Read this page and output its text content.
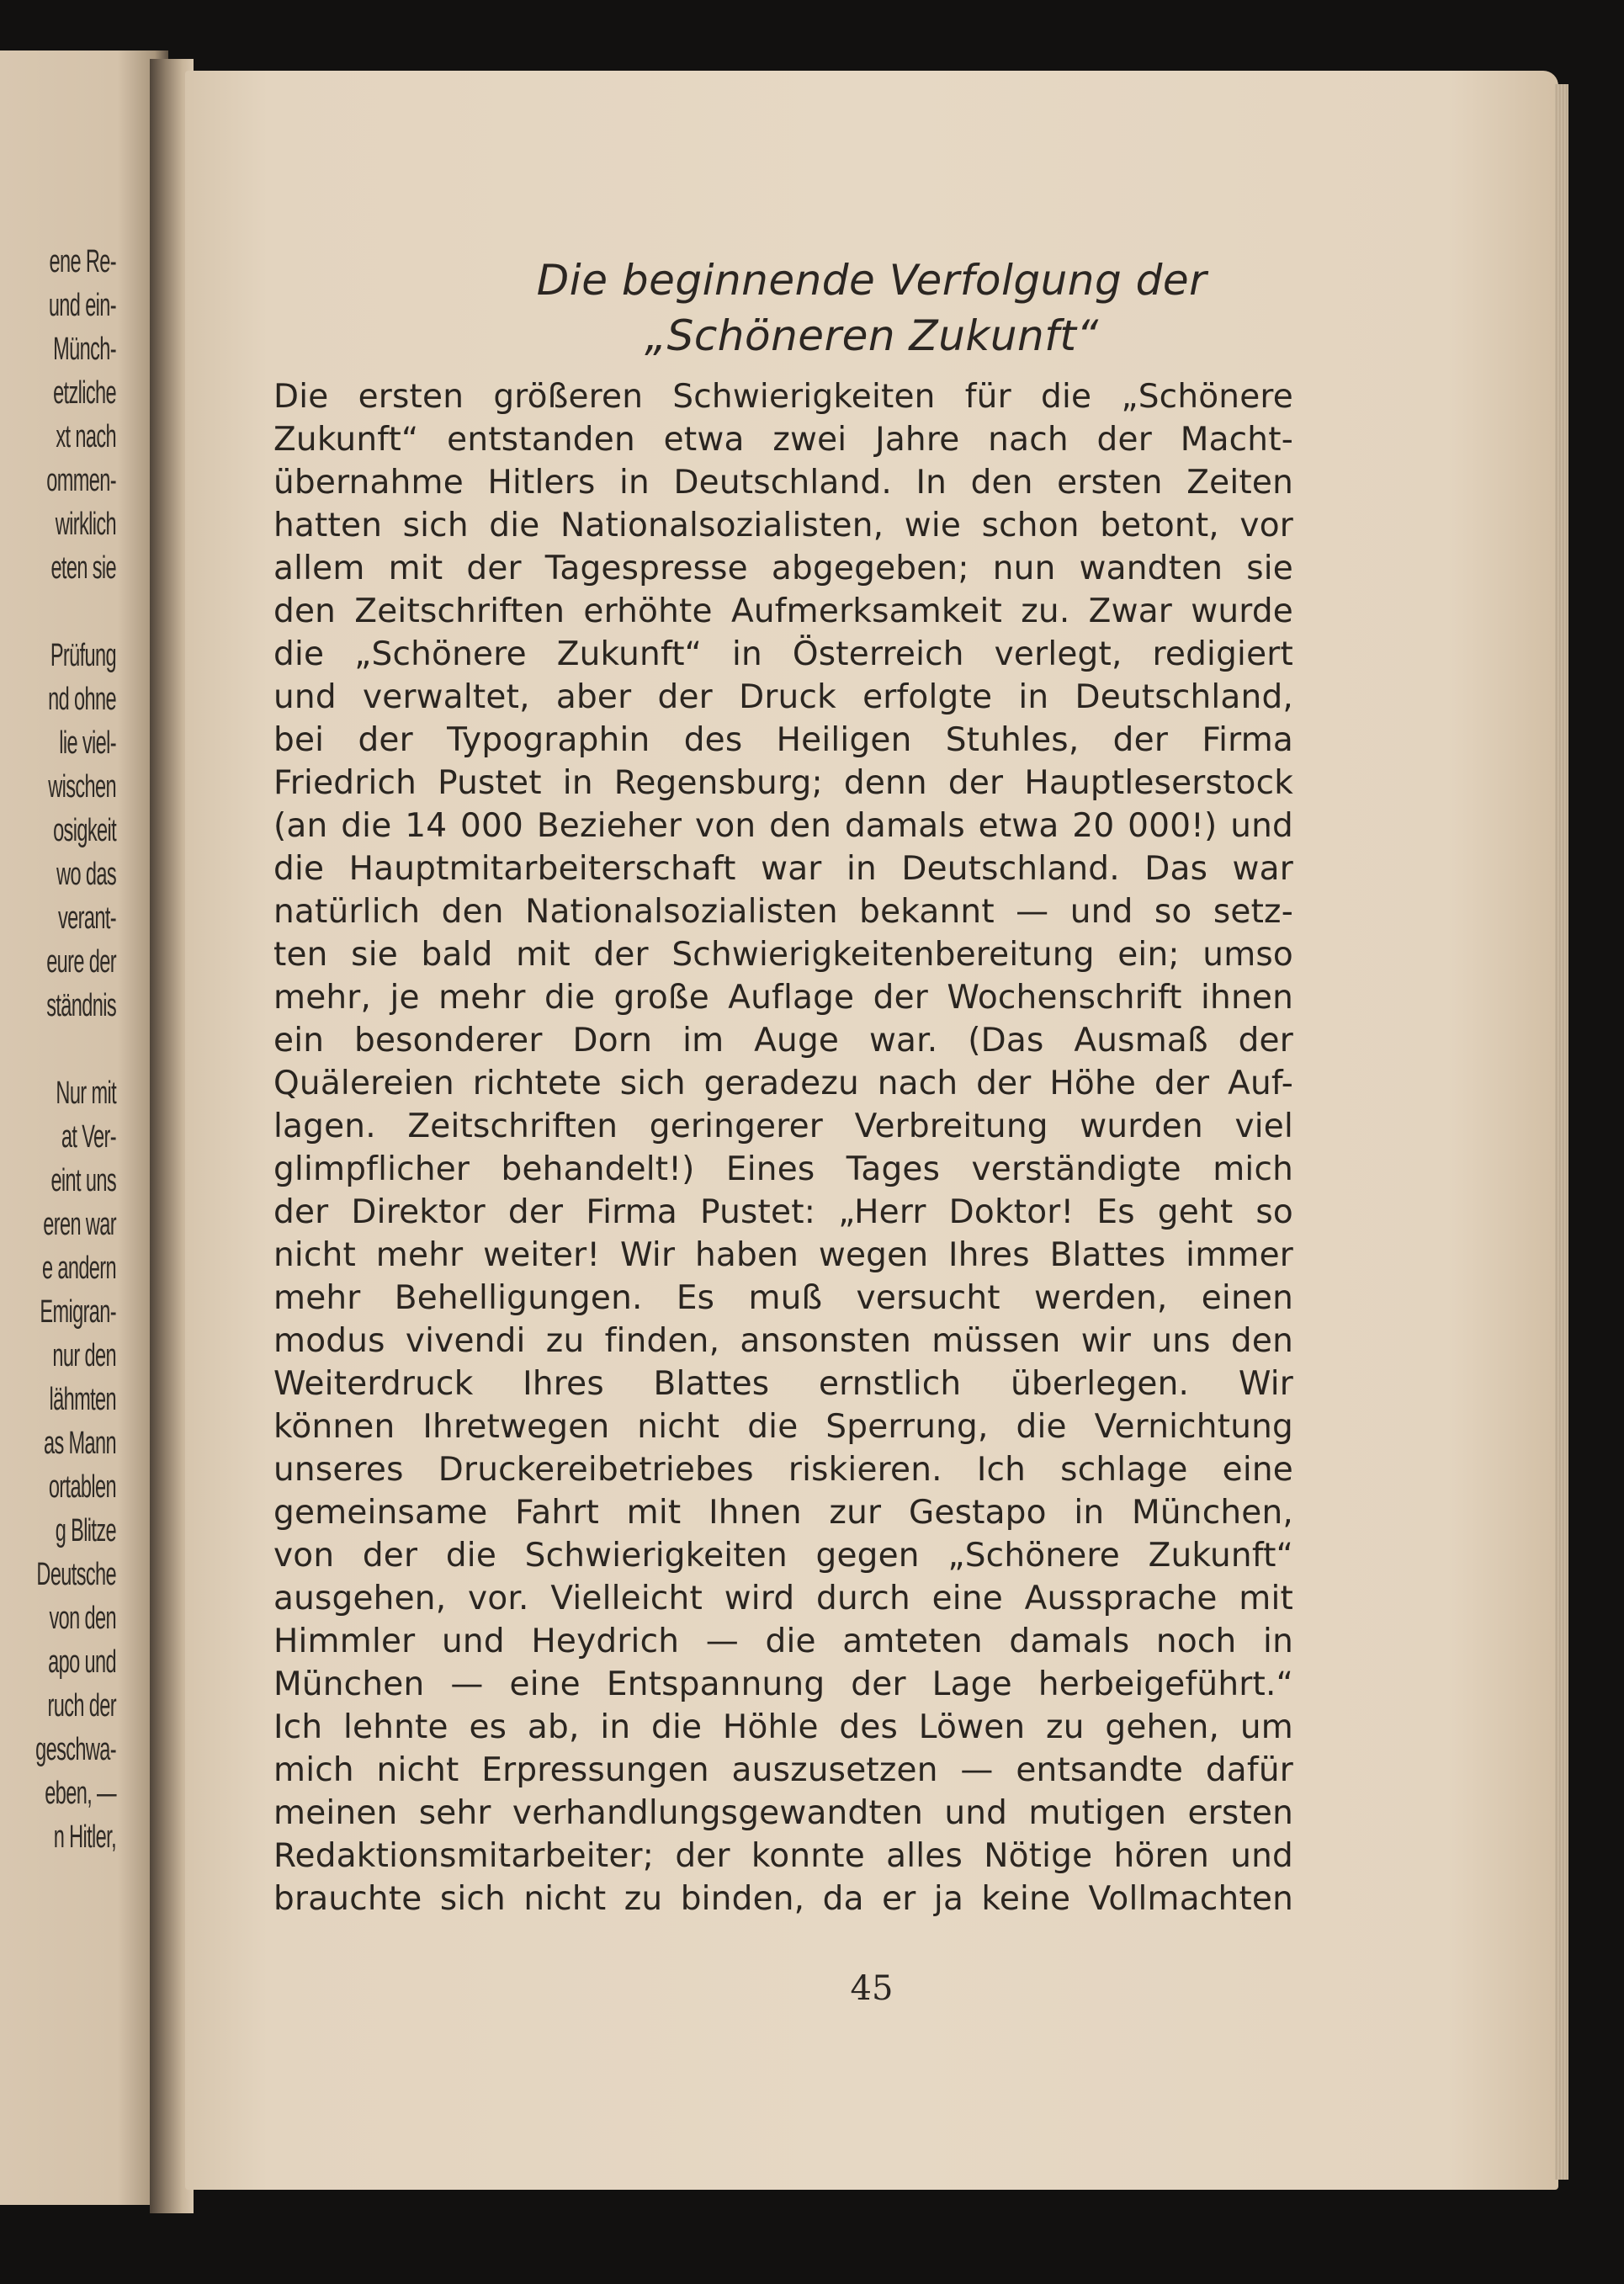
ene Re-
und ein-
Münch-
etzliche
xt nach
ommen-
wirklich
eten sie
Prüfung
nd ohne
lie viel-
wischen
osigkeit
wo das
verant-
eure der
ständnis
Nur mit
at Ver-
eint uns
eren war
e andern
Emigran-
nur den
lähmten
as Mann
ortablen
g Blitze
Deutsche
von den
apo und
ruch der
geschwa-
eben, —
n Hitler,
Die beginnende Verfolgung der
„Schöneren Zukunft“
Die ersten größeren Schwierigkeiten für die „Schönere
Zukunft“ entstanden etwa zwei Jahre nach der Macht-
übernahme Hitlers in Deutschland. In den ersten Zeiten
hatten sich die Nationalsozialisten, wie schon betont, vor
allem mit der Tagespresse abgegeben; nun wandten sie
den Zeitschriften erhöhte Aufmerksamkeit zu. Zwar wurde
die „Schönere Zukunft“ in Österreich verlegt, redigiert
und verwaltet, aber der Druck erfolgte in Deutschland,
bei der Typographin des Heiligen Stuhles, der Firma
Friedrich Pustet in Regensburg; denn der Hauptleserstock
(an die 14 000 Bezieher von den damals etwa 20 000!) und
die Hauptmitarbeiterschaft war in Deutschland. Das war
natürlich den Nationalsozialisten bekannt — und so setz-
ten sie bald mit der Schwierigkeitenbereitung ein; umso
mehr, je mehr die große Auflage der Wochenschrift ihnen
ein besonderer Dorn im Auge war. (Das Ausmaß der
Quälereien richtete sich geradezu nach der Höhe der Auf-
lagen. Zeitschriften geringerer Verbreitung wurden viel
glimpflicher behandelt!) Eines Tages verständigte mich
der Direktor der Firma Pustet: „Herr Doktor! Es geht so
nicht mehr weiter! Wir haben wegen Ihres Blattes immer
mehr Behelligungen. Es muß versucht werden, einen
modus vivendi zu finden, ansonsten müssen wir uns den
Weiterdruck Ihres Blattes ernstlich überlegen. Wir
können Ihretwegen nicht die Sperrung, die Vernichtung
unseres Druckereibetriebes riskieren. Ich schlage eine
gemeinsame Fahrt mit Ihnen zur Gestapo in München,
von der die Schwierigkeiten gegen „Schönere Zukunft“
ausgehen, vor. Vielleicht wird durch eine Aussprache mit
Himmler und Heydrich — die amteten damals noch in
München — eine Entspannung der Lage herbeigeführt.“
Ich lehnte es ab, in die Höhle des Löwen zu gehen, um
mich nicht Erpressungen auszusetzen — entsandte dafür
meinen sehr verhandlungsgewandten und mutigen ersten
Redaktionsmitarbeiter; der konnte alles Nötige hören und
brauchte sich nicht zu binden, da er ja keine Vollmachten
45
